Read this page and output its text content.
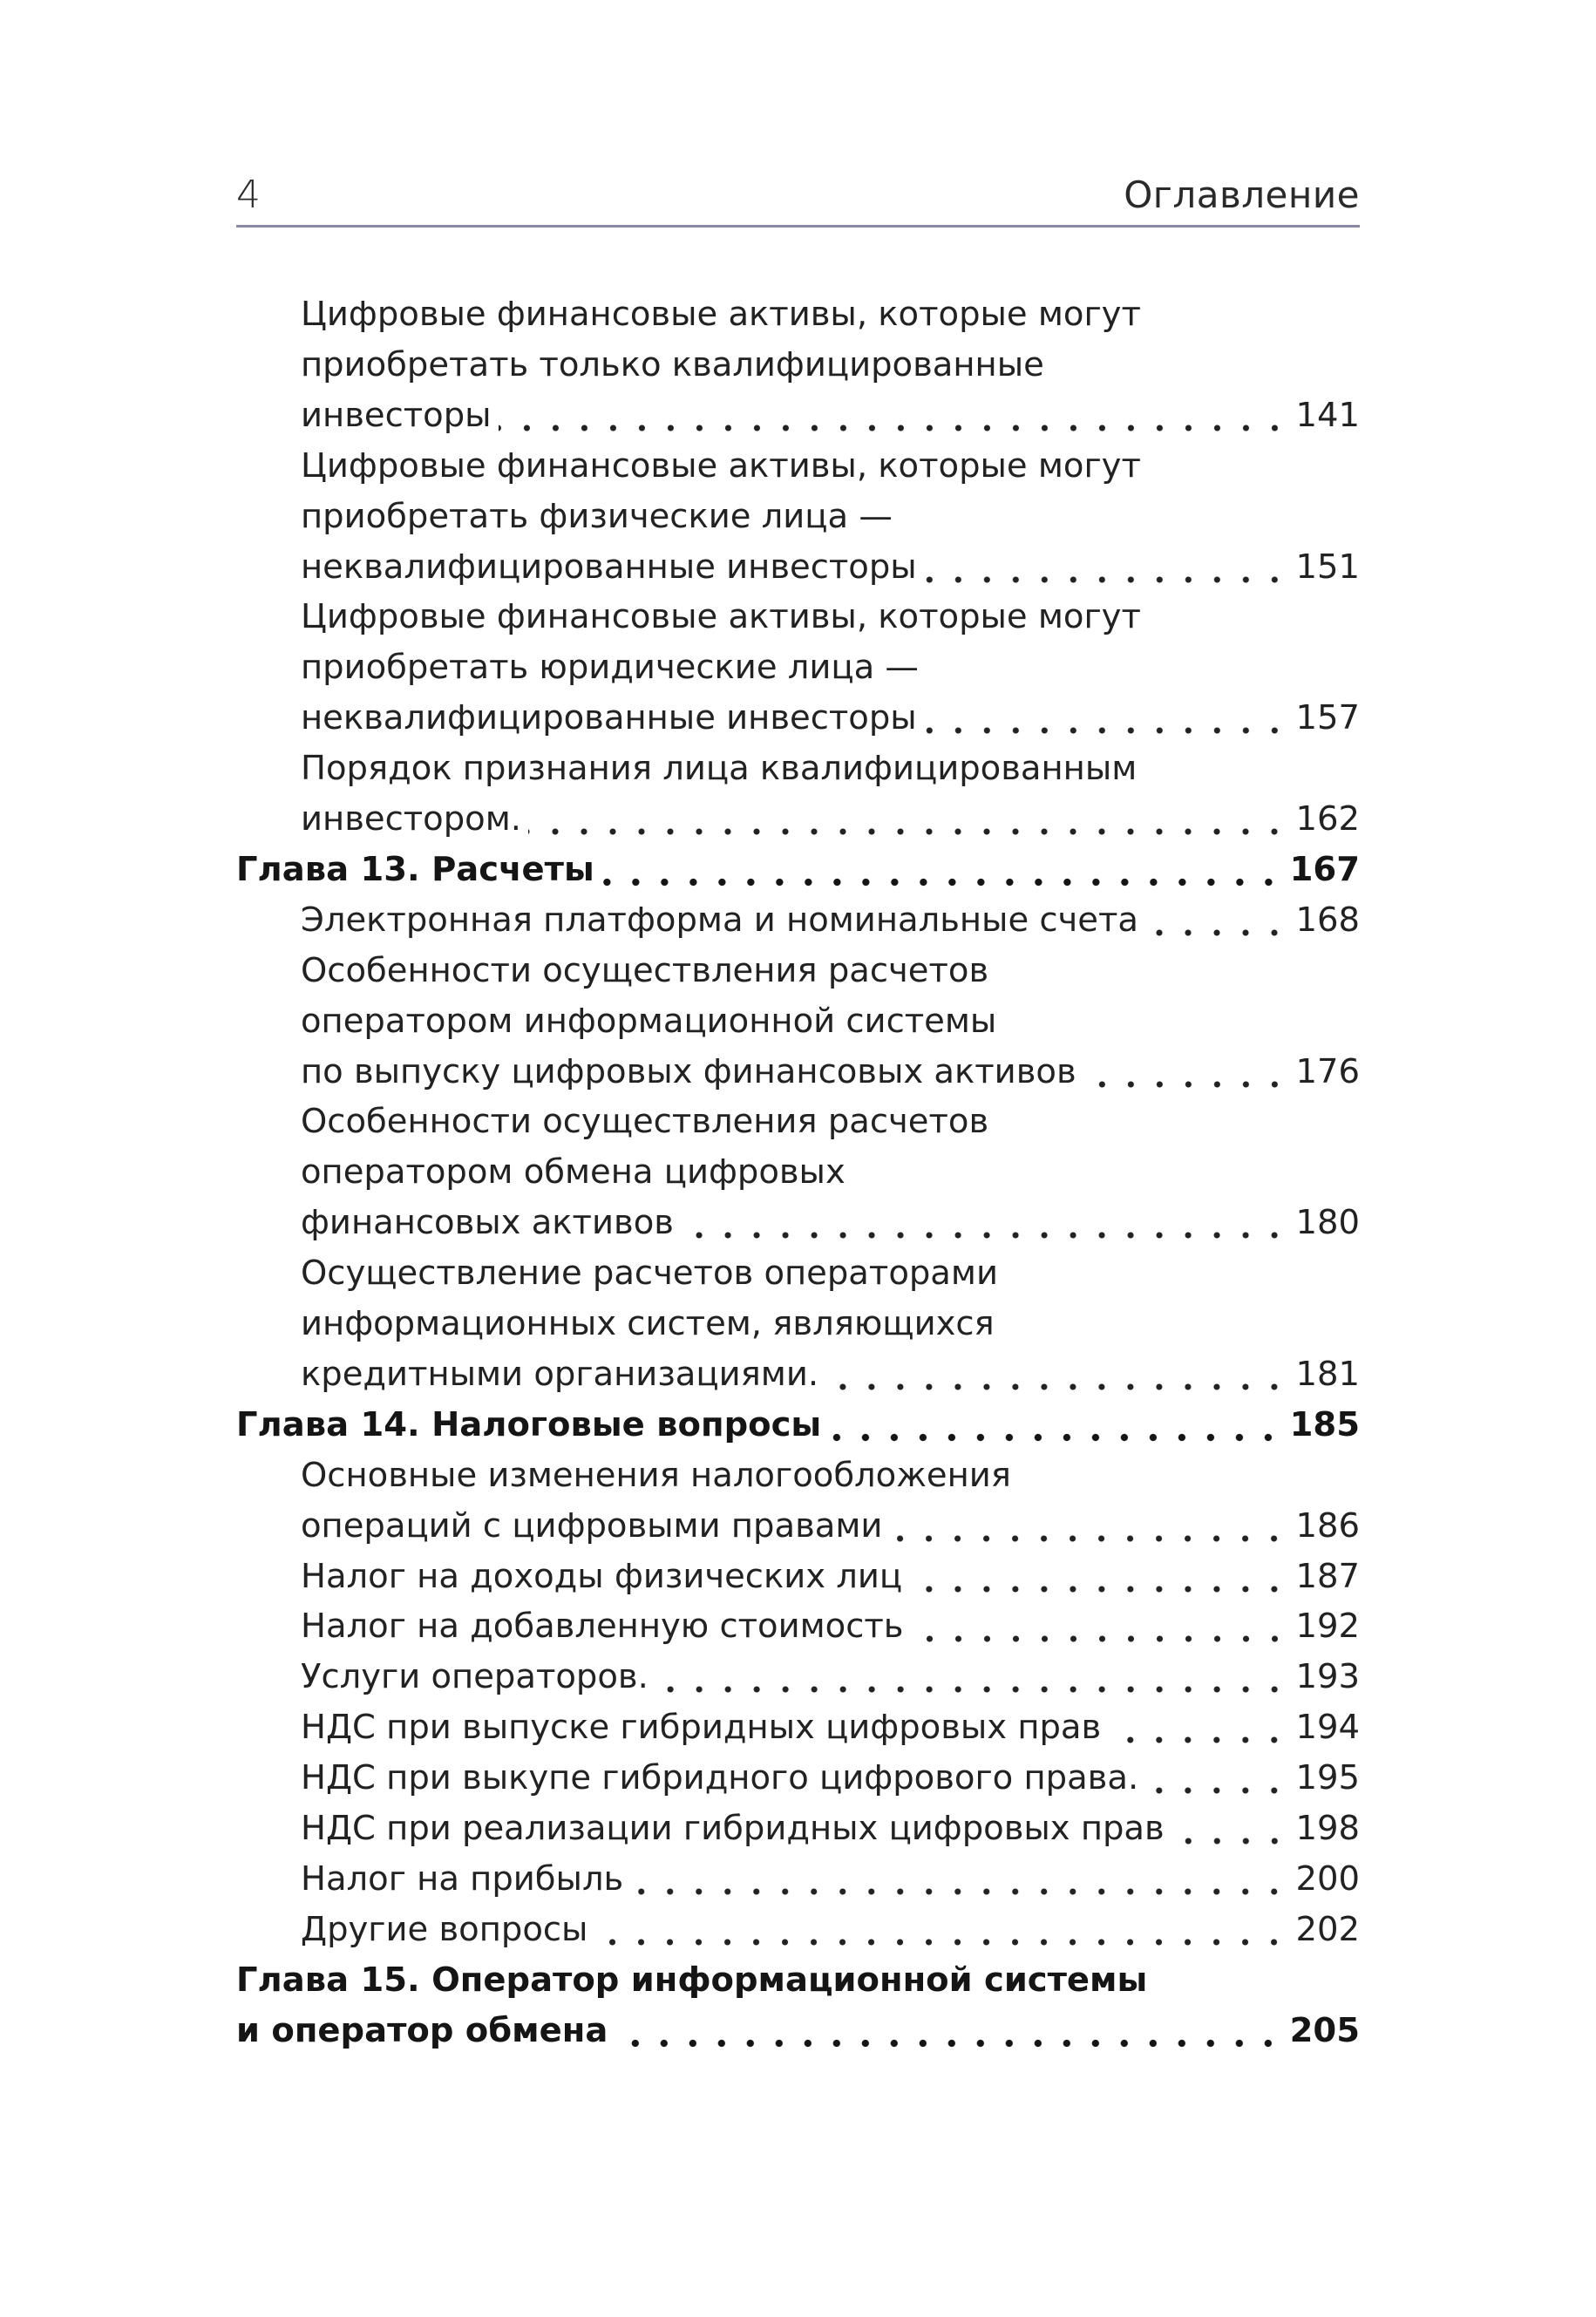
4	Оглавление
Цифровые финансовые активы, которые могут
приобретать только квалифицированные
инвесторы	141
Цифровые финансовые активы, которые могут
приобретать физические лица —
неквалифицированные инвесторы	151
Цифровые финансовые активы, которые могут
приобретать юридические лица —
неквалифицированные инвесторы	157
Порядок признания лица квалифицированным
инвестором.	162
Глава 13. Расчеты	167
Электронная платформа и номинальные счета	168
Особенности осуществления расчетов
оператором информационной системы
по выпуску цифровых финансовых активов	176
Особенности осуществления расчетов
оператором обмена цифровых
финансовых активов	180
Осуществление расчетов операторами
информационных систем, являющихся
кредитными организациями.	181
Глава 14. Налоговые вопросы	185
Основные изменения налогообложения
операций с цифровыми правами	186
Налог на доходы физических лиц	187
Налог на добавленную стоимость	192
Услуги операторов.	193
НДС при выпуске гибридных цифровых прав	194
НДС при выкупе гибридного цифрового права.	195
НДС при реализации гибридных цифровых прав	198
Налог на прибыль	200
Другие вопросы	202
Глава 15. Оператор информационной системы
и оператор обмена	205
